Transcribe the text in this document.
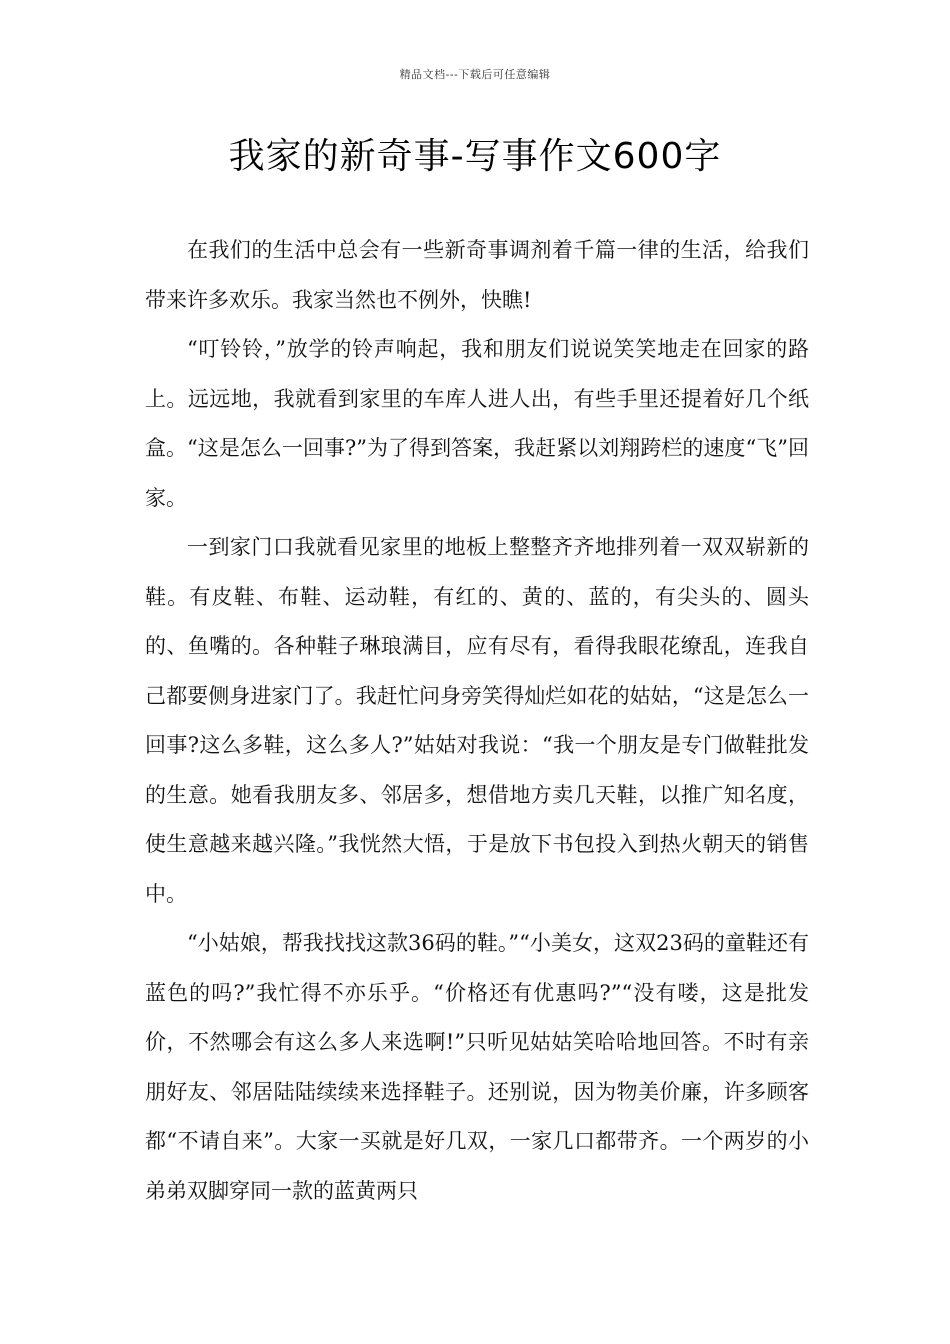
精品文档---下载后可任意编辑
我家的新奇事-写事作文600字

在我们的生活中总会有一些新奇事调剂着千篇一律的生活，给我们带来许多欢乐。我家当然也不例外，快瞧!

“叮铃铃，”放学的铃声响起，我和朋友们说说笑笑地走在回家的路上。远远地，我就看到家里的车库人进人出，有些手里还提着好几个纸盒。“这是怎么一回事?”为了得到答案，我赶紧以刘翔跨栏的速度“飞”回家。

一到家门口我就看见家里的地板上整整齐齐地排列着一双双崭新的鞋。有皮鞋、布鞋、运动鞋，有红的、黄的、蓝的，有尖头的、圆头的、鱼嘴的。各种鞋子琳琅满目，应有尽有，看得我眼花缭乱，连我自己都要侧身进家门了。我赶忙问身旁笑得灿烂如花的姑姑，“这是怎么一回事?这么多鞋，这么多人?”姑姑对我说：“我一个朋友是专门做鞋批发的生意。她看我朋友多、邻居多，想借地方卖几天鞋，以推广知名度，使生意越来越兴隆。”我恍然大悟，于是放下书包投入到热火朝天的销售中。

“小姑娘，帮我找找这款36码的鞋。”“小美女，这双23码的童鞋还有蓝色的吗?”我忙得不亦乐乎。“价格还有优惠吗?”“没有喽，这是批发价，不然哪会有这么多人来选啊!”只听见姑姑笑哈哈地回答。不时有亲朋好友、邻居陆陆续续来选择鞋子。还别说，因为物美价廉，许多顾客都“不请自来”。大家一买就是好几双，一家几口都带齐。一个两岁的小弟弟双脚穿同一款的蓝黄两只
